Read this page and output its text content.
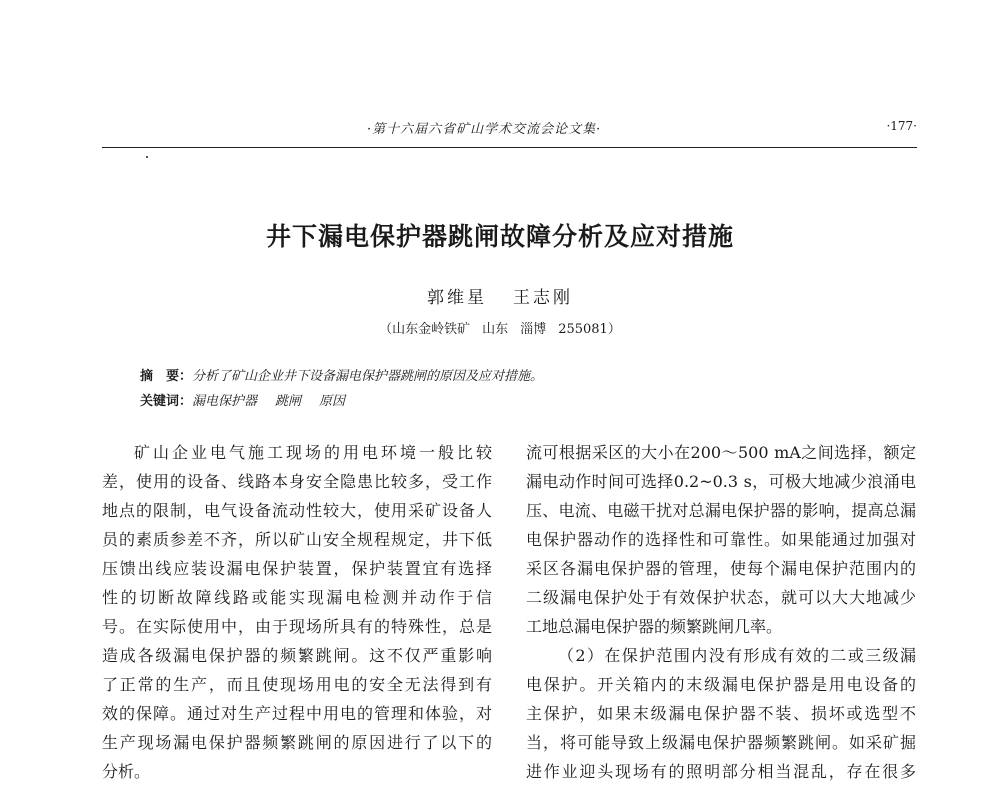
·第十六届六省矿山学术交流会论文集·	·177·
井下漏电保护器跳闸故障分析及应对措施
郭维星 王志刚
（山东金岭铁矿 山东 淄博 255081）
摘　要：分析了矿山企业井下设备漏电保护器跳闸的原因及应对措施。
关键词：漏电保护器 跳闸 原因
矿山企业电气施工现场的用电环境一般比较
差，使用的设备、线路本身安全隐患比较多，受工作
地点的限制，电气设备流动性较大，使用采矿设备人
员的素质参差不齐，所以矿山安全规程规定，井下低
压馈出线应装设漏电保护装置，保护装置宜有选择
性的切断故障线路或能实现漏电检测并动作于信
号。在实际使用中，由于现场所具有的特殊性，总是
造成各级漏电保护器的频繁跳闸。这不仅严重影响
了正常的生产，而且使现场用电的安全无法得到有
效的保障。通过对生产过程中用电的管理和体验，对
生产现场漏电保护器频繁跳闸的原因进行了以下的
分析。
流可根据采区的大小在200～500 mA之间选择，额定
漏电动作时间可选择0.2~0.3 s，可极大地减少浪涌电
压、电流、电磁干扰对总漏电保护器的影响，提高总漏
电保护器动作的选择性和可靠性。如果能通过加强对
采区各漏电保护器的管理，使每个漏电保护范围内的
二级漏电保护处于有效保护状态，就可以大大地减少
工地总漏电保护器的频繁跳闸几率。
（2）在保护范围内没有形成有效的二或三级漏
电保护。开关箱内的末级漏电保护器是用电设备的
主保护，如果末级漏电保护器不装、损坏或选型不
当，将可能导致上级漏电保护器频繁跳闸。如采矿掘
进作业迎头现场有的照明部分相当混乱，存在很多
